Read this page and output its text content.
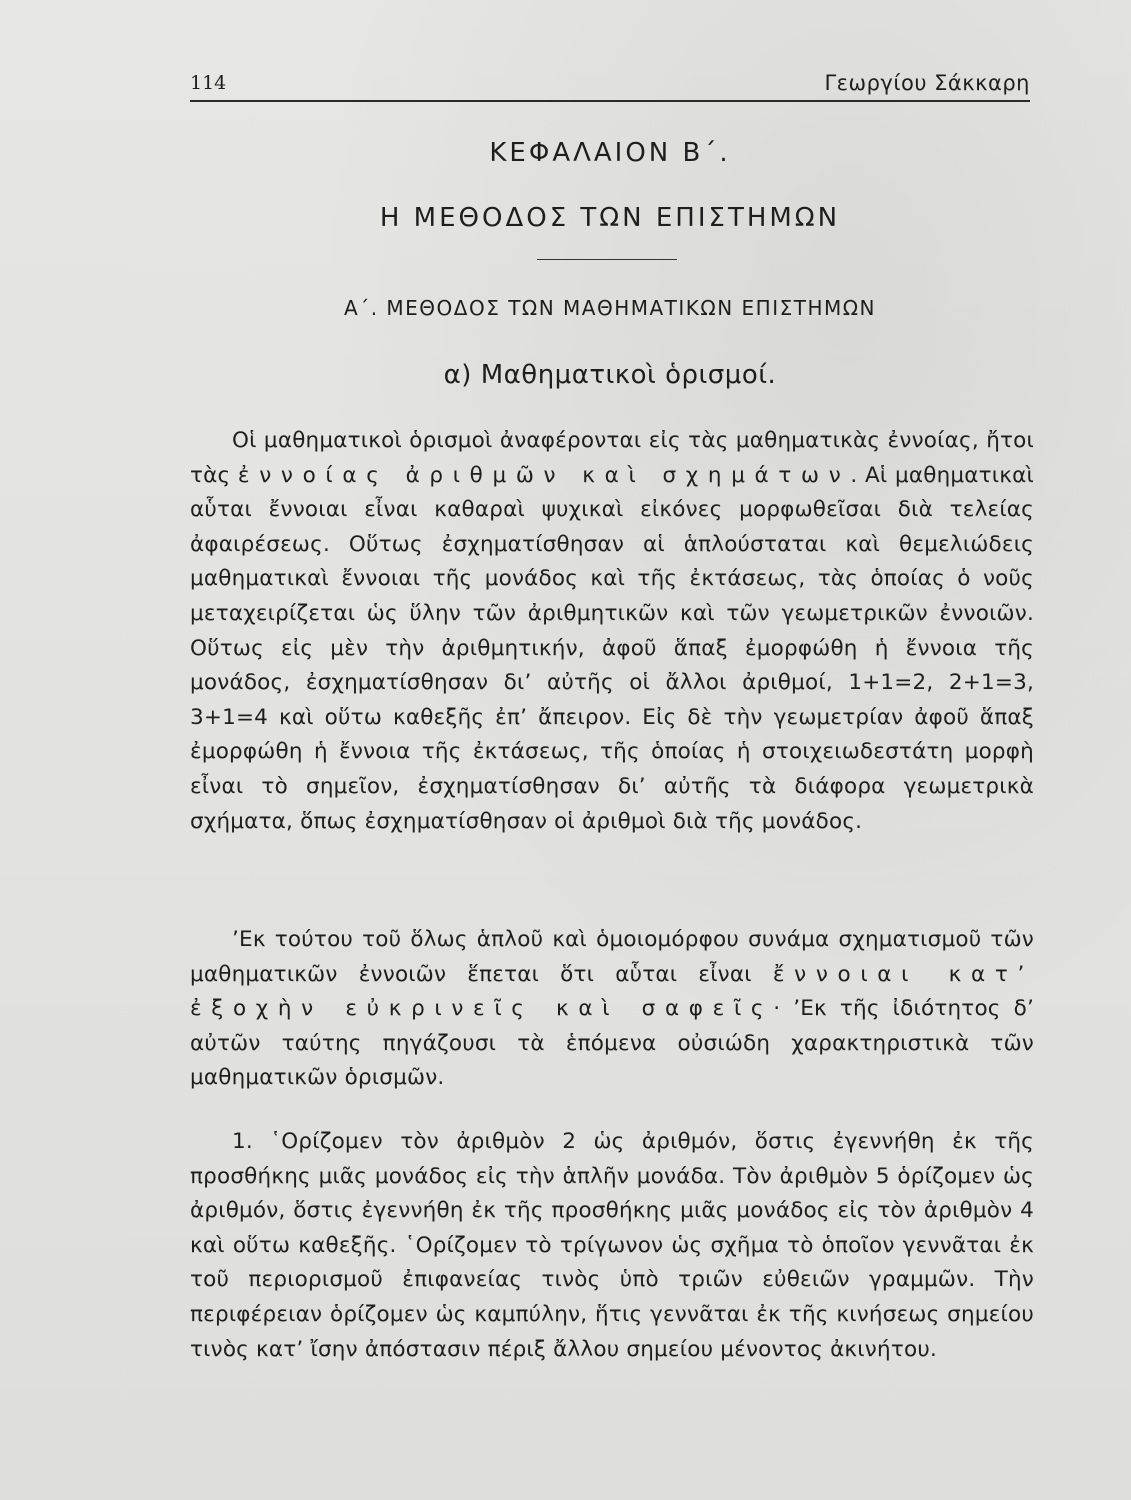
114	Γεωργίου Σάκκαρη
ΚΕΦΑΛΑΙΟΝ Β΄.
Η ΜΕΘΟΔΟΣ ΤΩΝ ΕΠΙΣΤΗΜΩΝ
Α΄. ΜΕΘΟΔΟΣ ΤΩΝ ΜΑΘΗΜΑΤΙΚΩΝ ΕΠΙΣΤΗΜΩΝ
α) Μαθηματικοὶ ὁρισμοί.

Οἱ μαθηματικοὶ ὁρισμοὶ ἀναφέρονται εἰς τὰς μαθηματικὰς ἐννοίας, ἤτοι τὰς ἐννοίας ἀριθμῶν καὶ σχημάτων. Αἱ μαθηματικαὶ αὗται ἔννοιαι εἶναι καθαραὶ ψυχικαὶ εἰκόνες μορφωθεῖσαι διὰ τελείας ἀφαιρέσεως. Οὕτως ἐσχηματίσθησαν αἱ ἁπλούσταται καὶ θεμελιώδεις μαθηματικαὶ ἔννοιαι τῆς μονάδος καὶ τῆς ἐκτάσεως, τὰς ὁποίας ὁ νοῦς μεταχειρίζεται ὡς ὕλην τῶν ἀριθμητικῶν καὶ τῶν γεωμετρικῶν ἐννοιῶν. Οὕτως εἰς μὲν τὴν ἀριθμητικήν, ἀφοῦ ἅπαξ ἐμορφώθη ἡ ἔννοια τῆς μονάδος, ἐσχηματίσθησαν δι’ αὐτῆς οἱ ἄλλοι ἀριθμοί, 1+1=2, 2+1=3, 3+1=4 καὶ οὕτω καθεξῆς ἐπ’ ἄπειρον. Εἰς δὲ τὴν γεωμετρίαν ἀφοῦ ἅπαξ ἐμορφώθη ἡ ἔννοια τῆς ἐκτάσεως, τῆς ὁποίας ἡ στοιχειωδεστάτη μορφὴ εἶναι τὸ σημεῖον, ἐσχηματίσθησαν δι’ αὐτῆς τὰ διάφορα γεωμετρικὰ σχήματα, ὅπως ἐσχηματίσθησαν οἱ ἀριθμοὶ διὰ τῆς μονάδος.

’Εκ τούτου τοῦ ὅλως ἁπλοῦ καὶ ὁμοιομόρφου συνάμα σχηματισμοῦ τῶν μαθηματικῶν ἐννοιῶν ἕπεται ὅτι αὗται εἶναι ἔννοιαι κατ’ ἐξοχὴν εὐκρινεῖς καὶ σαφεῖς· ’Εκ τῆς ἰδιότητος δ’ αὐτῶν ταύτης πηγάζουσι τὰ ἑπόμενα οὐσιώδη χαρακτηριστικὰ τῶν μαθηματικῶν ὁρισμῶν.

1. ῾Ορίζομεν τὸν ἀριθμὸν 2 ὡς ἀριθμόν, ὅστις ἐγεννήθη ἐκ τῆς προσθήκης μιᾶς μονάδος εἰς τὴν ἁπλῆν μονάδα. Τὸν ἀριθμὸν 5 ὁρίζομεν ὡς ἀριθμόν, ὅστις ἐγεννήθη ἐκ τῆς προσθήκης μιᾶς μονάδος εἰς τὸν ἀριθμὸν 4 καὶ οὕτω καθεξῆς. ῾Ορίζομεν τὸ τρίγωνον ὡς σχῆμα τὸ ὁποῖον γεννᾶται ἐκ τοῦ περιορισμοῦ ἐπιφανείας τινὸς ὑπὸ τριῶν εὐθειῶν γραμμῶν. Τὴν περιφέρειαν ὁρίζομεν ὡς καμπύλην, ἥτις γεννᾶται ἐκ τῆς κινήσεως σημείου τινὸς κατ’ ἴσην ἀπόστασιν πέριξ ἄλλου σημείου μένοντος ἀκινήτου.
